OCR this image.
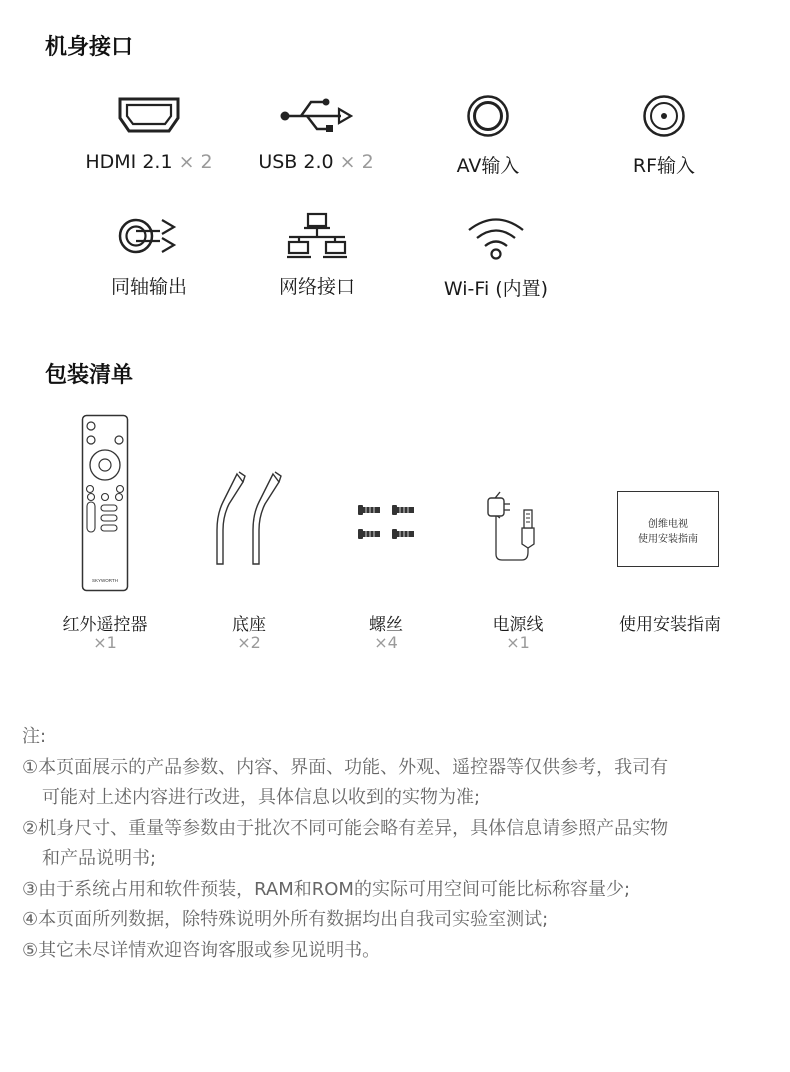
机身接口
HDMI 2.1 × 2	USB 2.0 × 2	AV输入	RF输入
同轴输出	网络接口	Wi-Fi (内置)
包装清单
SKYWORTH
红外遥控器
×1
底座
×2
螺丝
×4
电源线
×1
创维电视
使用安装指南
使用安装指南
注:
①本页面展示的产品参数、内容、界面、功能、外观、遥控器等仅供参考，我司有
可能对上述内容进行改进，具体信息以收到的实物为准;
②机身尺寸、重量等参数由于批次不同可能会略有差异，具体信息请参照产品实物
和产品说明书;
③由于系统占用和软件预装，RAM和ROM的实际可用空间可能比标称容量少;
④本页面所列数据，除特殊说明外所有数据均出自我司实验室测试;
⑤其它未尽详情欢迎咨询客服或参见说明书。
